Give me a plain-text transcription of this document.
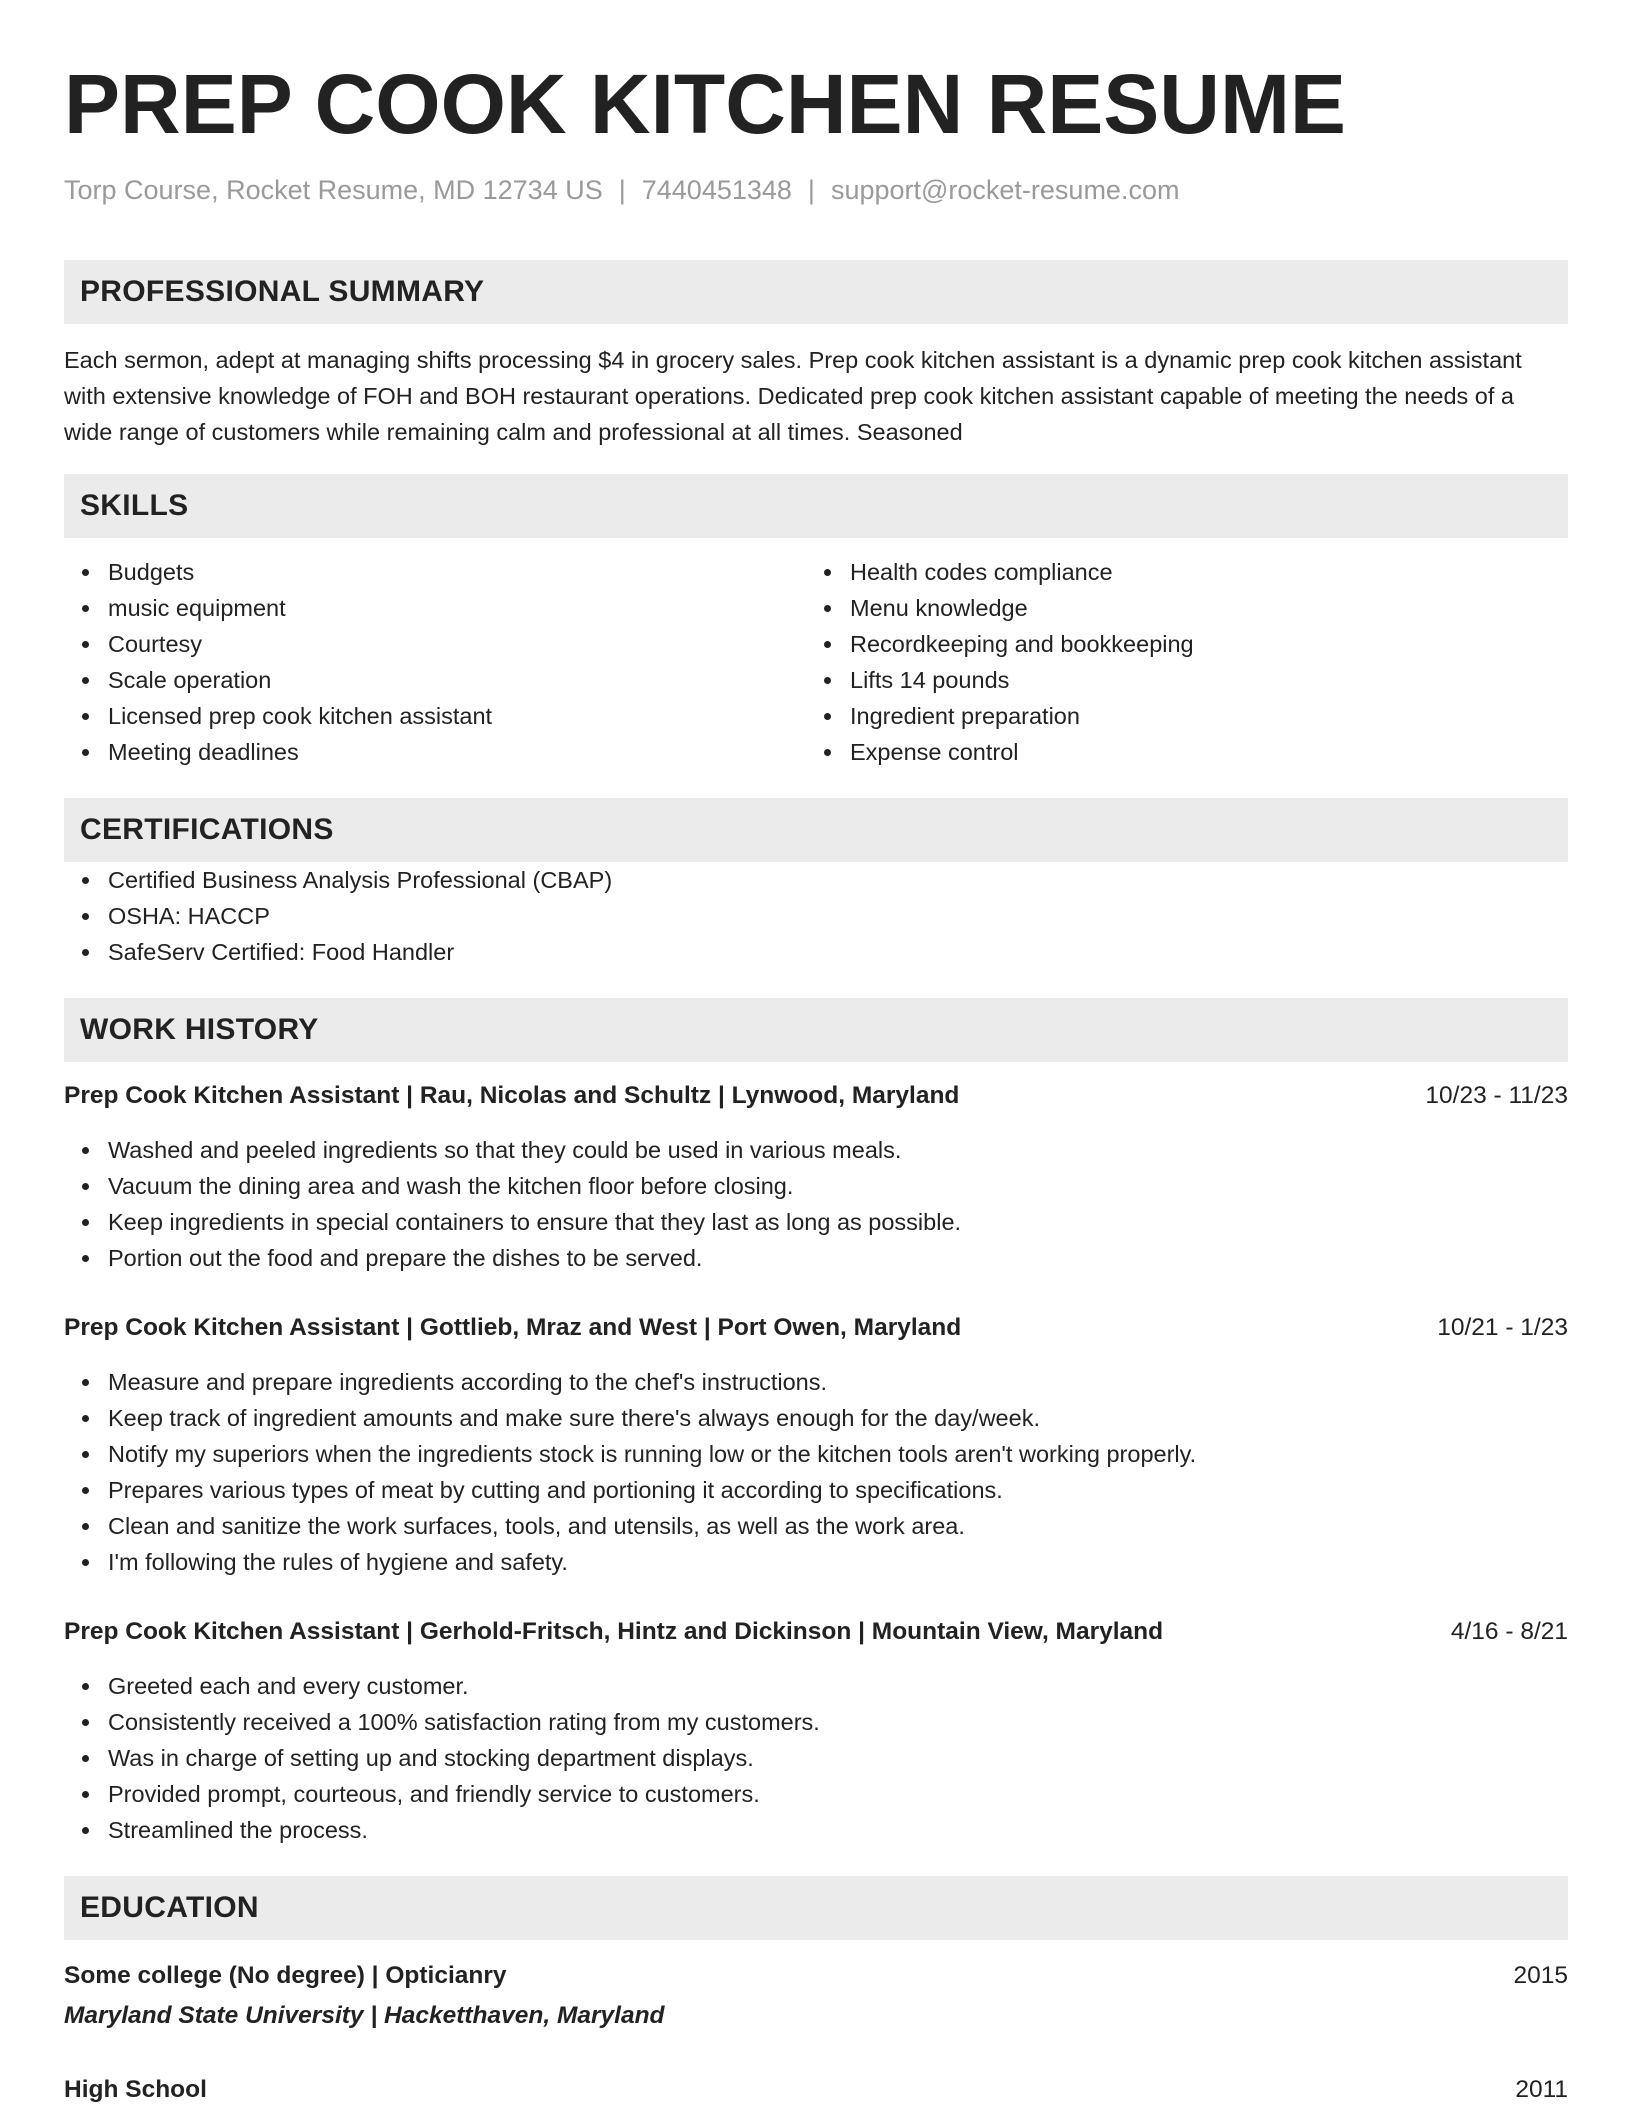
PREP COOK KITCHEN RESUME
Torp Course, Rocket Resume, MD 12734 US | 7440451348 | support@rocket-resume.com
PROFESSIONAL SUMMARY

Each sermon, adept at managing shifts processing $4 in grocery sales. Prep cook kitchen assistant is a dynamic prep cook kitchen assistant with extensive knowledge of FOH and BOH restaurant operations. Dedicated prep cook kitchen assistant capable of meeting the needs of a wide range of customers while remaining calm and professional at all times. Seasoned

SKILLS
Budgets
music equipment
Courtesy
Scale operation
Licensed prep cook kitchen assistant
Meeting deadlines
Health codes compliance
Menu knowledge
Recordkeeping and bookkeeping
Lifts 14 pounds
Ingredient preparation
Expense control
CERTIFICATIONS
Certified Business Analysis Professional (CBAP)
OSHA: HACCP
SafeServ Certified: Food Handler
WORK HISTORY
Prep Cook Kitchen Assistant | Rau, Nicolas and Schultz | Lynwood, Maryland	10/23 - 11/23
Washed and peeled ingredients so that they could be used in various meals.
Vacuum the dining area and wash the kitchen floor before closing.
Keep ingredients in special containers to ensure that they last as long as possible.
Portion out the food and prepare the dishes to be served.
Prep Cook Kitchen Assistant | Gottlieb, Mraz and West | Port Owen, Maryland	10/21 - 1/23
Measure and prepare ingredients according to the chef's instructions.
Keep track of ingredient amounts and make sure there's always enough for the day/week.
Notify my superiors when the ingredients stock is running low or the kitchen tools aren't working properly.
Prepares various types of meat by cutting and portioning it according to specifications.
Clean and sanitize the work surfaces, tools, and utensils, as well as the work area.
I'm following the rules of hygiene and safety.
Prep Cook Kitchen Assistant | Gerhold-Fritsch, Hintz and Dickinson | Mountain View, Maryland	4/16 - 8/21
Greeted each and every customer.
Consistently received a 100% satisfaction rating from my customers.
Was in charge of setting up and stocking department displays.
Provided prompt, courteous, and friendly service to customers.
Streamlined the process.
EDUCATION
Some college (No degree) | Opticianry	2015
Maryland State University | Hacketthaven, Maryland
High School	2011
